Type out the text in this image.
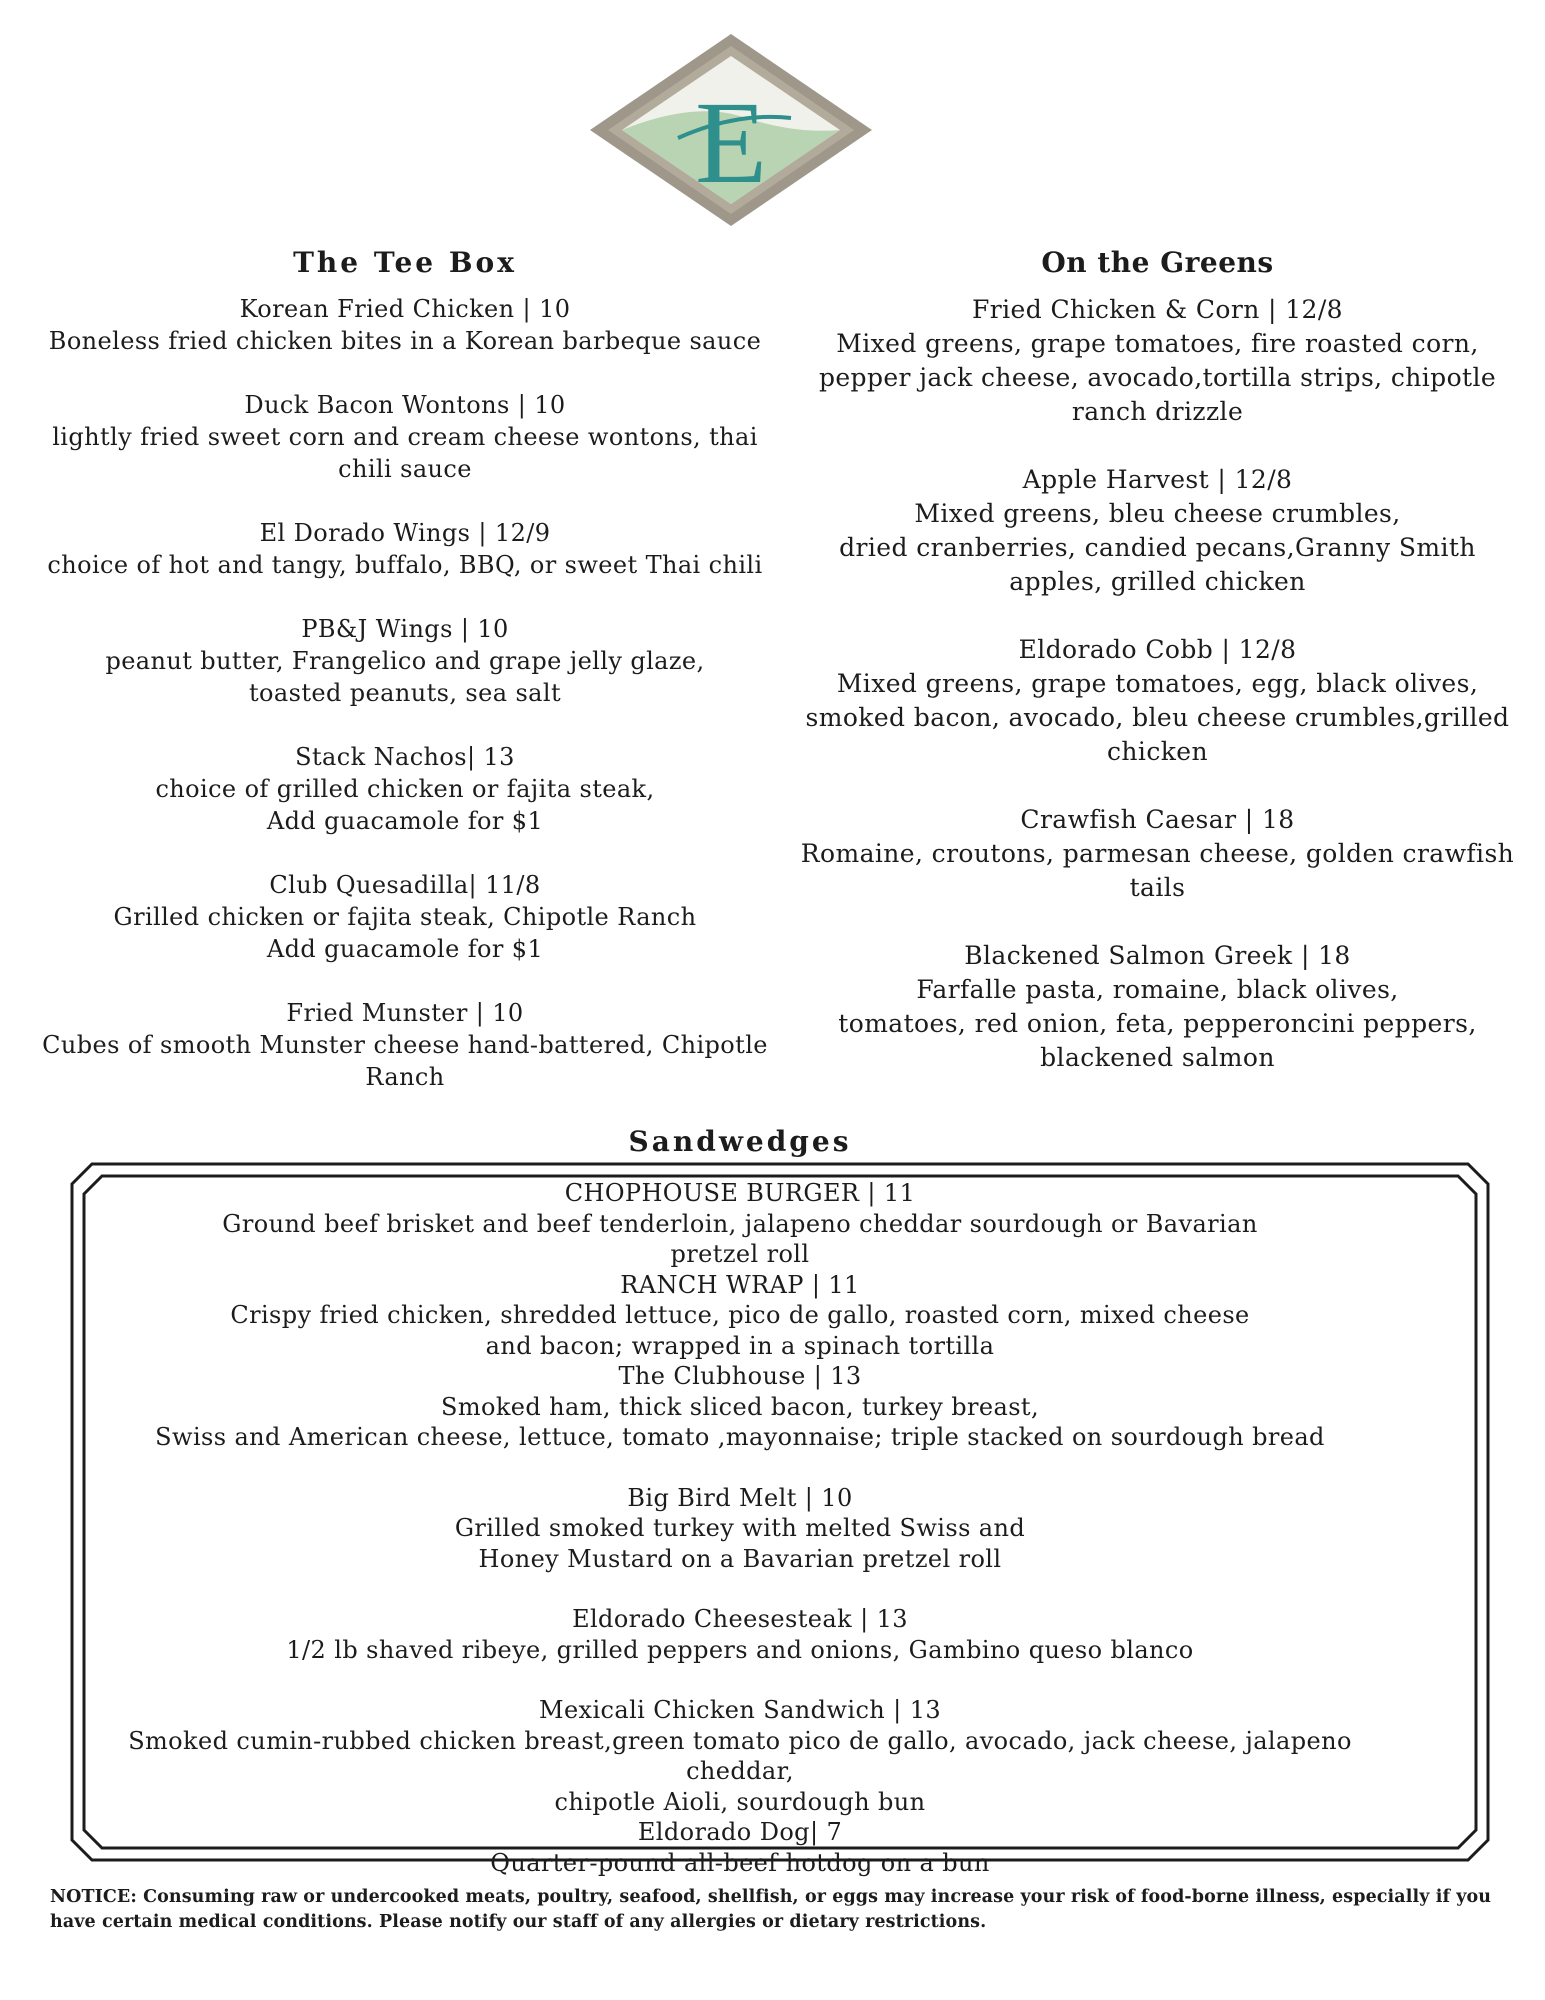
E
The Tee Box
Korean Fried Chicken | 10
Boneless fried chicken bites in a Korean barbeque sauce
Duck Bacon Wontons | 10
lightly fried sweet corn and cream cheese wontons, thai
chili sauce
El Dorado Wings | 12/9
choice of hot and tangy, buffalo, BBQ, or sweet Thai chili
PB&J Wings | 10
peanut butter, Frangelico and grape jelly glaze,
toasted peanuts, sea salt
Stack Nachos| 13
choice of grilled chicken or fajita steak,
Add guacamole for $1
Club Quesadilla| 11/8
Grilled chicken or fajita steak, Chipotle Ranch
Add guacamole for $1
Fried Munster | 10
Cubes of smooth Munster cheese hand-battered, Chipotle
Ranch
On the Greens
Fried Chicken & Corn | 12/8
Mixed greens, grape tomatoes, fire roasted corn,
pepper jack cheese, avocado,tortilla strips, chipotle
ranch drizzle
Apple Harvest | 12/8
Mixed greens, bleu cheese crumbles,
dried cranberries, candied pecans,Granny Smith
apples, grilled chicken
Eldorado Cobb | 12/8
Mixed greens, grape tomatoes, egg, black olives,
smoked bacon, avocado, bleu cheese crumbles,grilled
chicken
Crawfish Caesar | 18
Romaine, croutons, parmesan cheese, golden crawfish
tails
Blackened Salmon Greek | 18
Farfalle pasta, romaine, black olives,
tomatoes, red onion, feta, pepperoncini peppers,
blackened salmon
Sandwedges
CHOPHOUSE BURGER | 11
Ground beef brisket and beef tenderloin, jalapeno cheddar sourdough or Bavarian
pretzel roll
RANCH WRAP | 11
Crispy fried chicken, shredded lettuce, pico de gallo, roasted corn, mixed cheese
and bacon; wrapped in a spinach tortilla
The Clubhouse | 13
Smoked ham, thick sliced bacon, turkey breast,
Swiss and American cheese, lettuce, tomato ,mayonnaise; triple stacked on sourdough bread
Big Bird Melt | 10
Grilled smoked turkey with melted Swiss and
Honey Mustard on a Bavarian pretzel roll
Eldorado Cheesesteak | 13
1/2 lb shaved ribeye, grilled peppers and onions, Gambino queso blanco
Mexicali Chicken Sandwich | 13
Smoked cumin-rubbed chicken breast,green tomato pico de gallo, avocado, jack cheese, jalapeno cheddar,
chipotle Aioli, sourdough bun
Eldorado Dog| 7
Quarter-pound all-beef hotdog on a bun
NOTICE: Consuming raw or undercooked meats, poultry, seafood, shellfish, or eggs may increase your risk of food-borne illness, especially if you
have certain medical conditions. Please notify our staff of any allergies or dietary restrictions.
